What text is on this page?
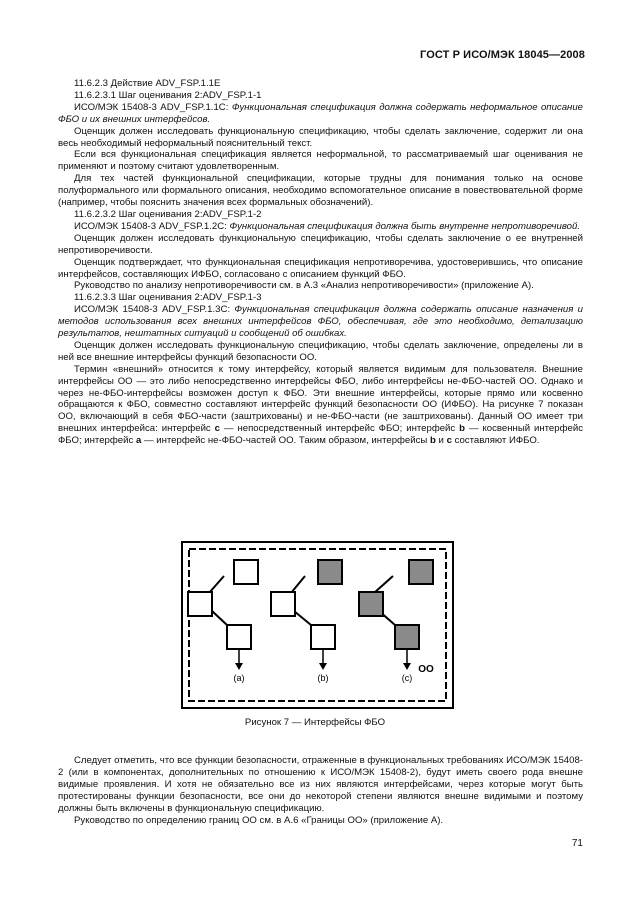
ГОСТ Р ИСО/МЭК 18045—2008

11.6.2.3 Действие ADV_FSP.1.1E

11.6.2.3.1 Шаг оценивания 2:ADV_FSP.1-1

ИСО/МЭК 15408-3 ADV_FSP.1.1С: Функциональная спецификация должна содержать неформальное описание ФБО и их внешних интерфейсов.

Оценщик должен исследовать функциональную спецификацию, чтобы сделать заключение, содержит ли она весь необходимый неформальный пояснительный текст.

Если вся функциональная спецификация является неформальной, то рассматриваемый шаг оценивания не применяют и поэтому считают удовлетворенным.

Для тех частей функциональной спецификации, которые трудны для понимания только на основе полуформального или формального описания, необходимо вспомогательное описание в повествовательной форме (например, чтобы пояснить значения всех формальных обозначений).

11.6.2.3.2 Шаг оценивания 2:ADV_FSP.1-2

ИСО/МЭК 15408-3 ADV_FSP.1.2С: Функциональная спецификация должна быть внутренне непротиворечивой.

Оценщик должен исследовать функциональную спецификацию, чтобы сделать заключение о ее внутренней непротиворечивости.

Оценщик подтверждает, что функциональная спецификация непротиворечива, удостоверившись, что описание интерфейсов, составляющих ИФБО, согласовано с описанием функций ФБО.

Руководство по анализу непротиворечивости см. в А.3 «Анализ непротиворечивости» (приложение А).

11.6.2.3.3 Шаг оценивания 2:ADV_FSP.1-3

ИСО/МЭК 15408-3 ADV_FSP.1.3С: Функциональная спецификация должна содержать описание назначения и методов использования всех внешних интерфейсов ФБО, обеспечивая, где это необходимо, детализацию результатов, нештатных ситуаций и сообщений об ошибках.

Оценщик должен исследовать функциональную спецификацию, чтобы сделать заключение, определены ли в ней все внешние интерфейсы функций безопасности ОО.

Термин «внешний» относится к тому интерфейсу, который является видимым для пользователя. Внешние интерфейсы ОО — это либо непосредственно интерфейсы ФБО, либо интерфейсы не-ФБО-частей ОО. Однако и через не-ФБО-интерфейсы возможен доступ к ФБО. Эти внешние интерфейсы, которые прямо или косвенно обращаются к ФБО, совместно составляют интерфейс функций безопасности ОО (ИФБО). На рисунке 7 показан ОО, включающий в себя ФБО-части (заштрихованы) и не-ФБО-части (не заштрихованы). Данный ОО имеет три внешних интерфейса: интерфейс с — непосредственный интерфейс ФБО; интерфейс b — косвенный интерфейс ФБО; интерфейс a — интерфейс не-ФБО-частей ОО. Таким образом, интерфейсы b и с составляют ИФБО.

(a)	(b)	(c)
OO
Рисунок 7 — Интерфейсы ФБО

Следует отметить, что все функции безопасности, отраженные в функциональных требованиях ИСО/МЭК 15408-2 (или в компонентах, дополнительных по отношению к ИСО/МЭК 15408-2), будут иметь своего рода внешне видимые проявления. И хотя не обязательно все из них являются интерфейсами, через которые могут быть протестированы функции безопасности, все они до некоторой степени являются внешне видимыми и поэтому должны быть включены в функциональную спецификацию.

Руководство по определению границ ОО см. в А.6 «Границы ОО» (приложение А).

71
